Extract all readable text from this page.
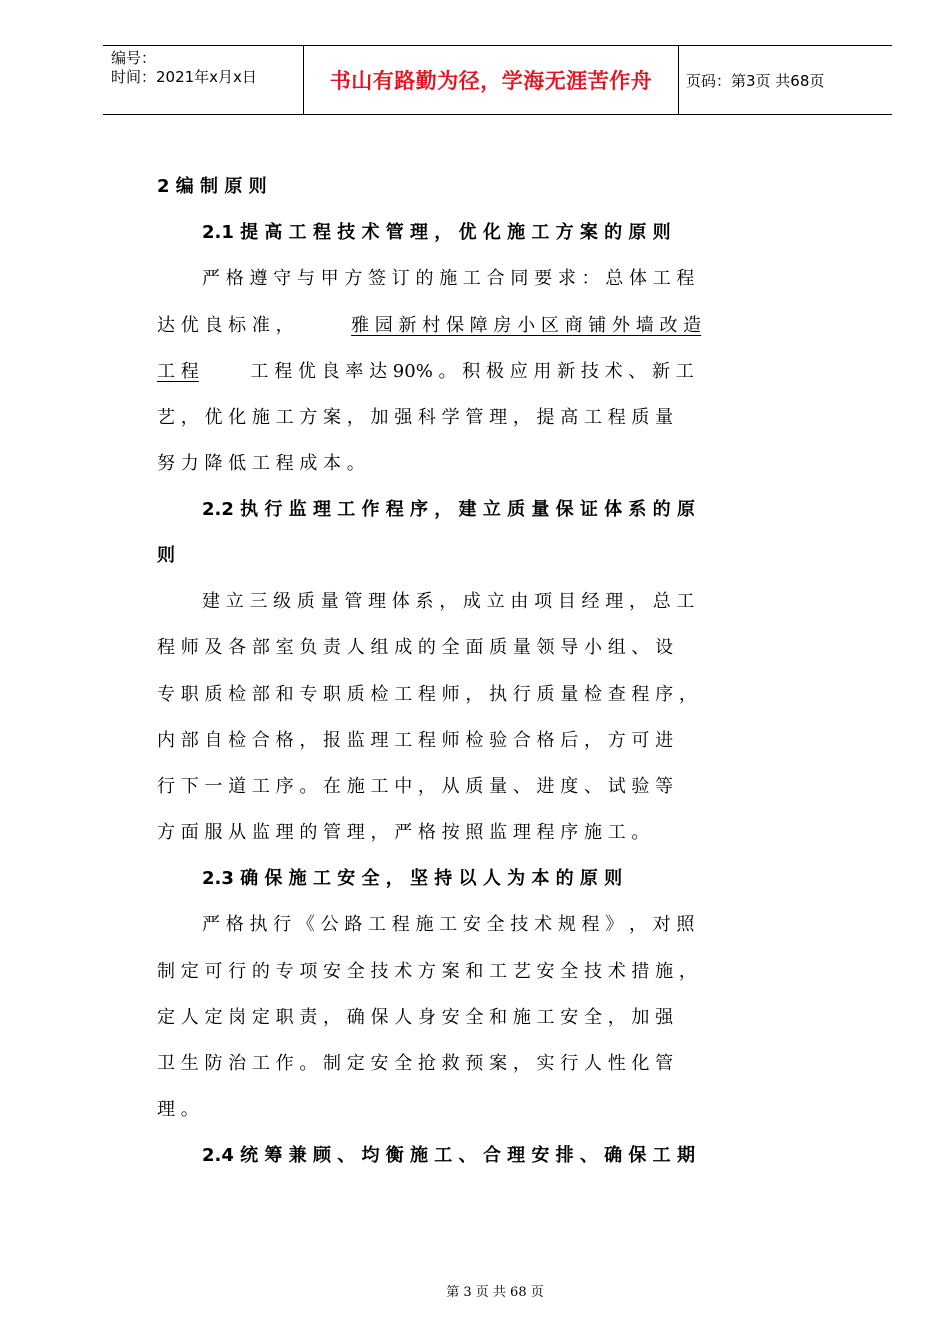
编号：
时间：2021年x月x日	书山有路勤为径，学海无涯苦作舟	页码：第3页 共68页
2 编 制 原 则
2.1 提 高 工 程 技 术 管 理 ， 优 化 施 工 方 案 的 原 则
严 格 遵 守 与 甲 方 签 订 的 施 工 合 同 要 求 ： 总 体 工 程
达 优 良 标 准 ，	雅 园 新 村 保 障 房 小 区 商 铺 外 墙 改 造
工 程	工 程 优 良 率 达 90% 。 积 极 应 用 新 技 术 、 新 工
艺 ， 优 化 施 工 方 案 ， 加 强 科 学 管 理 ， 提 高 工 程 质 量
努 力 降 低 工 程 成 本 。
2.2 执 行 监 理 工 作 程 序 ， 建 立 质 量 保 证 体 系 的 原
则
建 立 三 级 质 量 管 理 体 系 ， 成 立 由 项 目 经 理 ， 总 工
程 师 及 各 部 室 负 责 人 组 成 的 全 面 质 量 领 导 小 组 、 设
专 职 质 检 部 和 专 职 质 检 工 程 师 ， 执 行 质 量 检 查 程 序 ，
内 部 自 检 合 格 ， 报 监 理 工 程 师 检 验 合 格 后 ， 方 可 进
行 下 一 道 工 序 。 在 施 工 中 ， 从 质 量 、 进 度 、 试 验 等
方 面 服 从 监 理 的 管 理 ， 严 格 按 照 监 理 程 序 施 工 。
2.3 确 保 施 工 安 全 ， 坚 持 以 人 为 本 的 原 则
严 格 执 行 《 公 路 工 程 施 工 安 全 技 术 规 程 》 ， 对 照
制 定 可 行 的 专 项 安 全 技 术 方 案 和 工 艺 安 全 技 术 措 施 ，
定 人 定 岗 定 职 责 ， 确 保 人 身 安 全 和 施 工 安 全 ， 加 强
卫 生 防 治 工 作 。 制 定 安 全 抢 救 预 案 ， 实 行 人 性 化 管
理 。
2.4 统 筹 兼 顾 、 均 衡 施 工 、 合 理 安 排 、 确 保 工 期
第 3 页 共 68 页
